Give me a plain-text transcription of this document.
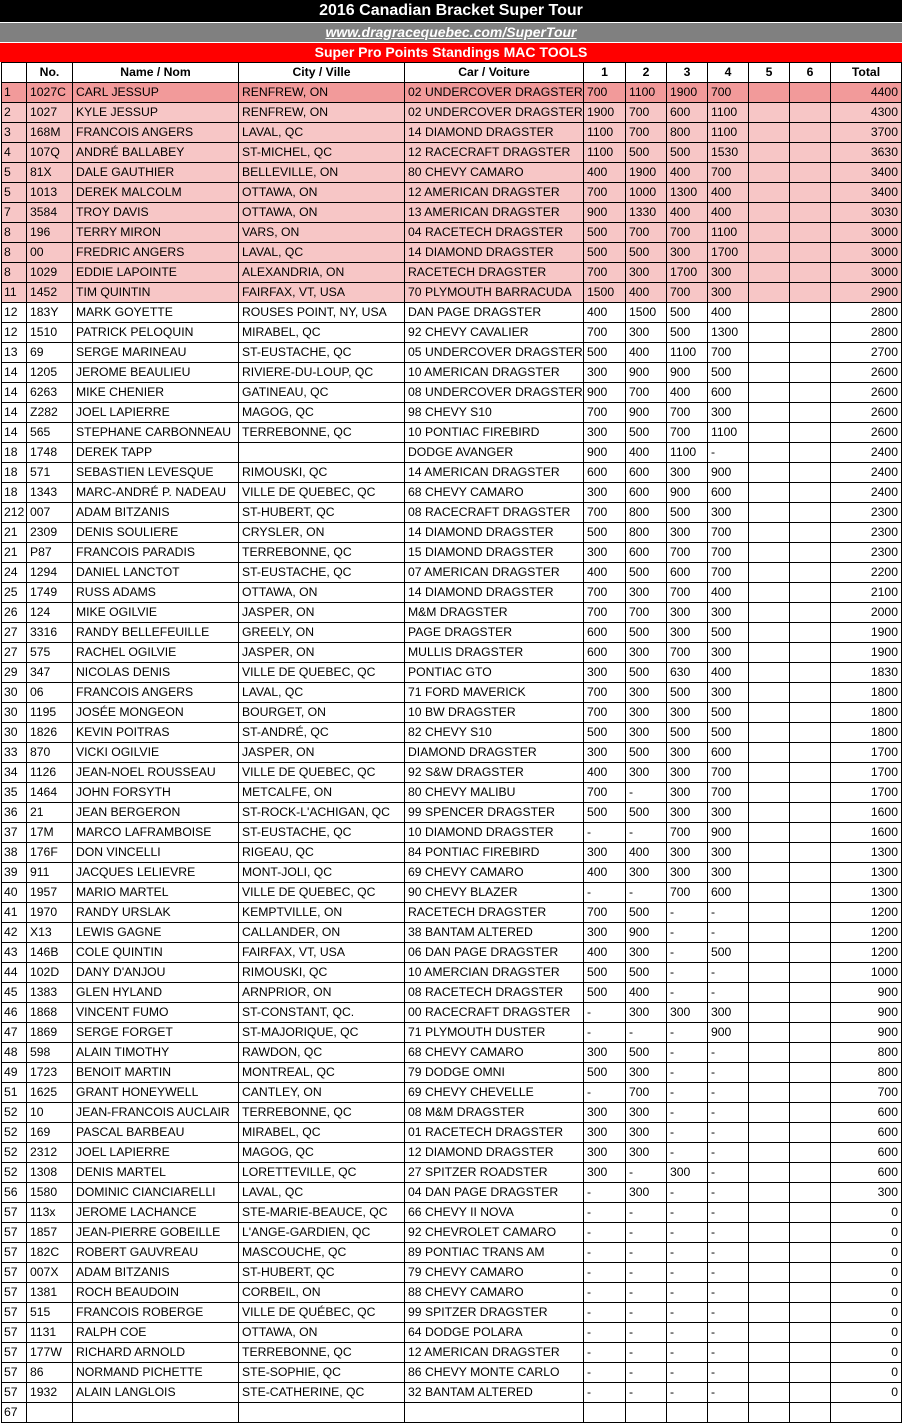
2016 Canadian Bracket Super Tour
www.dragracequebec.com/SuperTour
Super Pro Points Standings MAC TOOLS
	No.	Name / Nom	City / Ville	Car / Voiture	1	2	3	4	5	6	Total
1	1027C	CARL JESSUP	RENFREW, ON	02 UNDERCOVER DRAGSTER	700	1100	1900	700			4400
2	1027	KYLE JESSUP	RENFREW, ON	02 UNDERCOVER DRAGSTER	1900	700	600	1100			4300
3	168M	FRANCOIS ANGERS	LAVAL, QC	14 DIAMOND DRAGSTER	1100	700	800	1100			3700
4	107Q	ANDRÉ BALLABEY	ST-MICHEL, QC	12 RACECRAFT DRAGSTER	1100	500	500	1530			3630
5	81X	DALE GAUTHIER	BELLEVILLE, ON	80 CHEVY CAMARO	400	1900	400	700			3400
5	1013	DEREK MALCOLM	OTTAWA, ON	12 AMERICAN DRAGSTER	700	1000	1300	400			3400
7	3584	TROY DAVIS	OTTAWA, ON	13 AMERICAN DRAGSTER	900	1330	400	400			3030
8	196	TERRY MIRON	VARS, ON	04 RACETECH DRAGSTER	500	700	700	1100			3000
8	00	FREDRIC ANGERS	LAVAL, QC	14 DIAMOND DRAGSTER	500	500	300	1700			3000
8	1029	EDDIE LAPOINTE	ALEXANDRIA, ON	RACETECH DRAGSTER	700	300	1700	300			3000
11	1452	TIM QUINTIN	FAIRFAX, VT, USA	70 PLYMOUTH BARRACUDA	1500	400	700	300			2900
12	183Y	MARK GOYETTE	ROUSES POINT, NY, USA	DAN PAGE DRAGSTER	400	1500	500	400			2800
12	1510	PATRICK PELOQUIN	MIRABEL, QC	92 CHEVY CAVALIER	700	300	500	1300			2800
13	69	SERGE MARINEAU	ST-EUSTACHE, QC	05 UNDERCOVER DRAGSTER	500	400	1100	700			2700
14	1205	JEROME BEAULIEU	RIVIERE-DU-LOUP, QC	10 AMERICAN DRAGSTER	300	900	900	500			2600
14	6263	MIKE CHENIER	GATINEAU, QC	08 UNDERCOVER DRAGSTER	900	700	400	600			2600
14	Z282	JOEL LAPIERRE	MAGOG, QC	98 CHEVY S10	700	900	700	300			2600
14	565	STEPHANE CARBONNEAU	TERREBONNE, QC	10 PONTIAC FIREBIRD	300	500	700	1100			2600
18	1748	DEREK TAPP		DODGE AVANGER	900	400	1100	-			2400
18	571	SEBASTIEN LEVESQUE	RIMOUSKI, QC	14 AMERICAN DRAGSTER	600	600	300	900			2400
18	1343	MARC-ANDRÉ P. NADEAU	VILLE DE QUEBEC, QC	68 CHEVY CAMARO	300	600	900	600			2400
212	007	ADAM BITZANIS	ST-HUBERT, QC	08 RACECRAFT DRAGSTER	700	800	500	300			2300
21	2309	DENIS SOULIERE	CRYSLER, ON	14 DIAMOND DRAGSTER	500	800	300	700			2300
21	P87	FRANCOIS PARADIS	TERREBONNE, QC	15 DIAMOND DRAGSTER	300	600	700	700			2300
24	1294	DANIEL LANCTOT	ST-EUSTACHE, QC	07 AMERICAN DRAGSTER	400	500	600	700			2200
25	1749	RUSS ADAMS	OTTAWA, ON	14 DIAMOND DRAGSTER	700	300	700	400			2100
26	124	MIKE OGILVIE	JASPER, ON	M&M DRAGSTER	700	700	300	300			2000
27	3316	RANDY BELLEFEUILLE	GREELY, ON	PAGE DRAGSTER	600	500	300	500			1900
27	575	RACHEL OGILVIE	JASPER, ON	MULLIS DRAGSTER	600	300	700	300			1900
29	347	NICOLAS DENIS	VILLE DE QUEBEC, QC	PONTIAC GTO	300	500	630	400			1830
30	06	FRANCOIS ANGERS	LAVAL, QC	71 FORD MAVERICK	700	300	500	300			1800
30	1195	JOSÉE MONGEON	BOURGET, ON	10 BW DRAGSTER	700	300	300	500			1800
30	1826	KEVIN POITRAS	ST-ANDRÉ, QC	82 CHEVY S10	500	300	500	500			1800
33	870	VICKI OGILVIE	JASPER, ON	DIAMOND DRAGSTER	300	500	300	600			1700
34	1126	JEAN-NOEL ROUSSEAU	VILLE DE QUEBEC, QC	92 S&W DRAGSTER	400	300	300	700			1700
35	1464	JOHN FORSYTH	METCALFE, ON	80 CHEVY MALIBU	700	-	300	700			1700
36	21	JEAN BERGERON	ST-ROCK-L'ACHIGAN, QC	99 SPENCER DRAGSTER	500	500	300	300			1600
37	17M	MARCO LAFRAMBOISE	ST-EUSTACHE, QC	10 DIAMOND DRAGSTER	-	-	700	900			1600
38	176F	DON VINCELLI	RIGEAU, QC	84 PONTIAC FIREBIRD	300	400	300	300			1300
39	911	JACQUES LELIEVRE	MONT-JOLI, QC	69 CHEVY CAMARO	400	300	300	300			1300
40	1957	MARIO MARTEL	VILLE DE QUEBEC, QC	90 CHEVY BLAZER	-	-	700	600			1300
41	1970	RANDY URSLAK	KEMPTVILLE, ON	RACETECH DRAGSTER	700	500	-	-			1200
42	X13	LEWIS GAGNE	CALLANDER, ON	38 BANTAM ALTERED	300	900	-	-			1200
43	146B	COLE QUINTIN	FAIRFAX, VT, USA	06 DAN PAGE DRAGSTER	400	300	-	500			1200
44	102D	DANY D'ANJOU	RIMOUSKI, QC	10 AMERCIAN DRAGSTER	500	500	-	-			1000
45	1383	GLEN HYLAND	ARNPRIOR, ON	08 RACETECH DRAGSTER	500	400	-	-			900
46	1868	VINCENT FUMO	ST-CONSTANT, QC.	00 RACECRAFT DRAGSTER	-	300	300	300			900
47	1869	SERGE FORGET	ST-MAJORIQUE, QC	71 PLYMOUTH DUSTER	-	-	-	900			900
48	598	ALAIN TIMOTHY	RAWDON, QC	68 CHEVY CAMARO	300	500	-	-			800
49	1723	BENOIT MARTIN	MONTREAL, QC	79 DODGE OMNI	500	300	-	-			800
51	1625	GRANT HONEYWELL	CANTLEY, ON	69 CHEVY CHEVELLE	-	700	-	-			700
52	10	JEAN-FRANCOIS AUCLAIR	TERREBONNE, QC	08 M&M DRAGSTER	300	300	-	-			600
52	169	PASCAL BARBEAU	MIRABEL, QC	01 RACETECH DRAGSTER	300	300	-	-			600
52	2312	JOEL LAPIERRE	MAGOG, QC	12 DIAMOND DRAGSTER	300	300	-	-			600
52	1308	DENIS MARTEL	LORETTEVILLE, QC	27 SPITZER ROADSTER	300	-	300	-			600
56	1580	DOMINIC CIANCIARELLI	LAVAL, QC	04 DAN PAGE DRAGSTER	-	300	-	-			300
57	113x	JEROME LACHANCE	STE-MARIE-BEAUCE, QC	66 CHEVY II NOVA	-	-	-	-			0
57	1857	JEAN-PIERRE GOBEILLE	L'ANGE-GARDIEN, QC	92 CHEVROLET CAMARO	-	-	-	-			0
57	182C	ROBERT GAUVREAU	MASCOUCHE, QC	89 PONTIAC TRANS AM	-	-	-	-			0
57	007X	ADAM BITZANIS	ST-HUBERT, QC	79 CHEVY CAMARO	-	-	-	-			0
57	1381	ROCH BEAUDOIN	CORBEIL, ON	88 CHEVY CAMARO	-	-	-	-			0
57	515	FRANCOIS ROBERGE	VILLE DE QUÉBEC, QC	99 SPITZER DRAGSTER	-	-	-	-			0
57	1131	RALPH COE	OTTAWA, ON	64 DODGE POLARA	-	-	-	-			0
57	177W	RICHARD ARNOLD	TERREBONNE, QC	12 AMERICAN DRAGSTER	-	-	-	-			0
57	86	NORMAND PICHETTE	STE-SOPHIE, QC	86 CHEVY MONTE CARLO	-	-	-	-			0
57	1932	ALAIN LANGLOIS	STE-CATHERINE, QC	32 BANTAM ALTERED	-	-	-	-			0
67											
